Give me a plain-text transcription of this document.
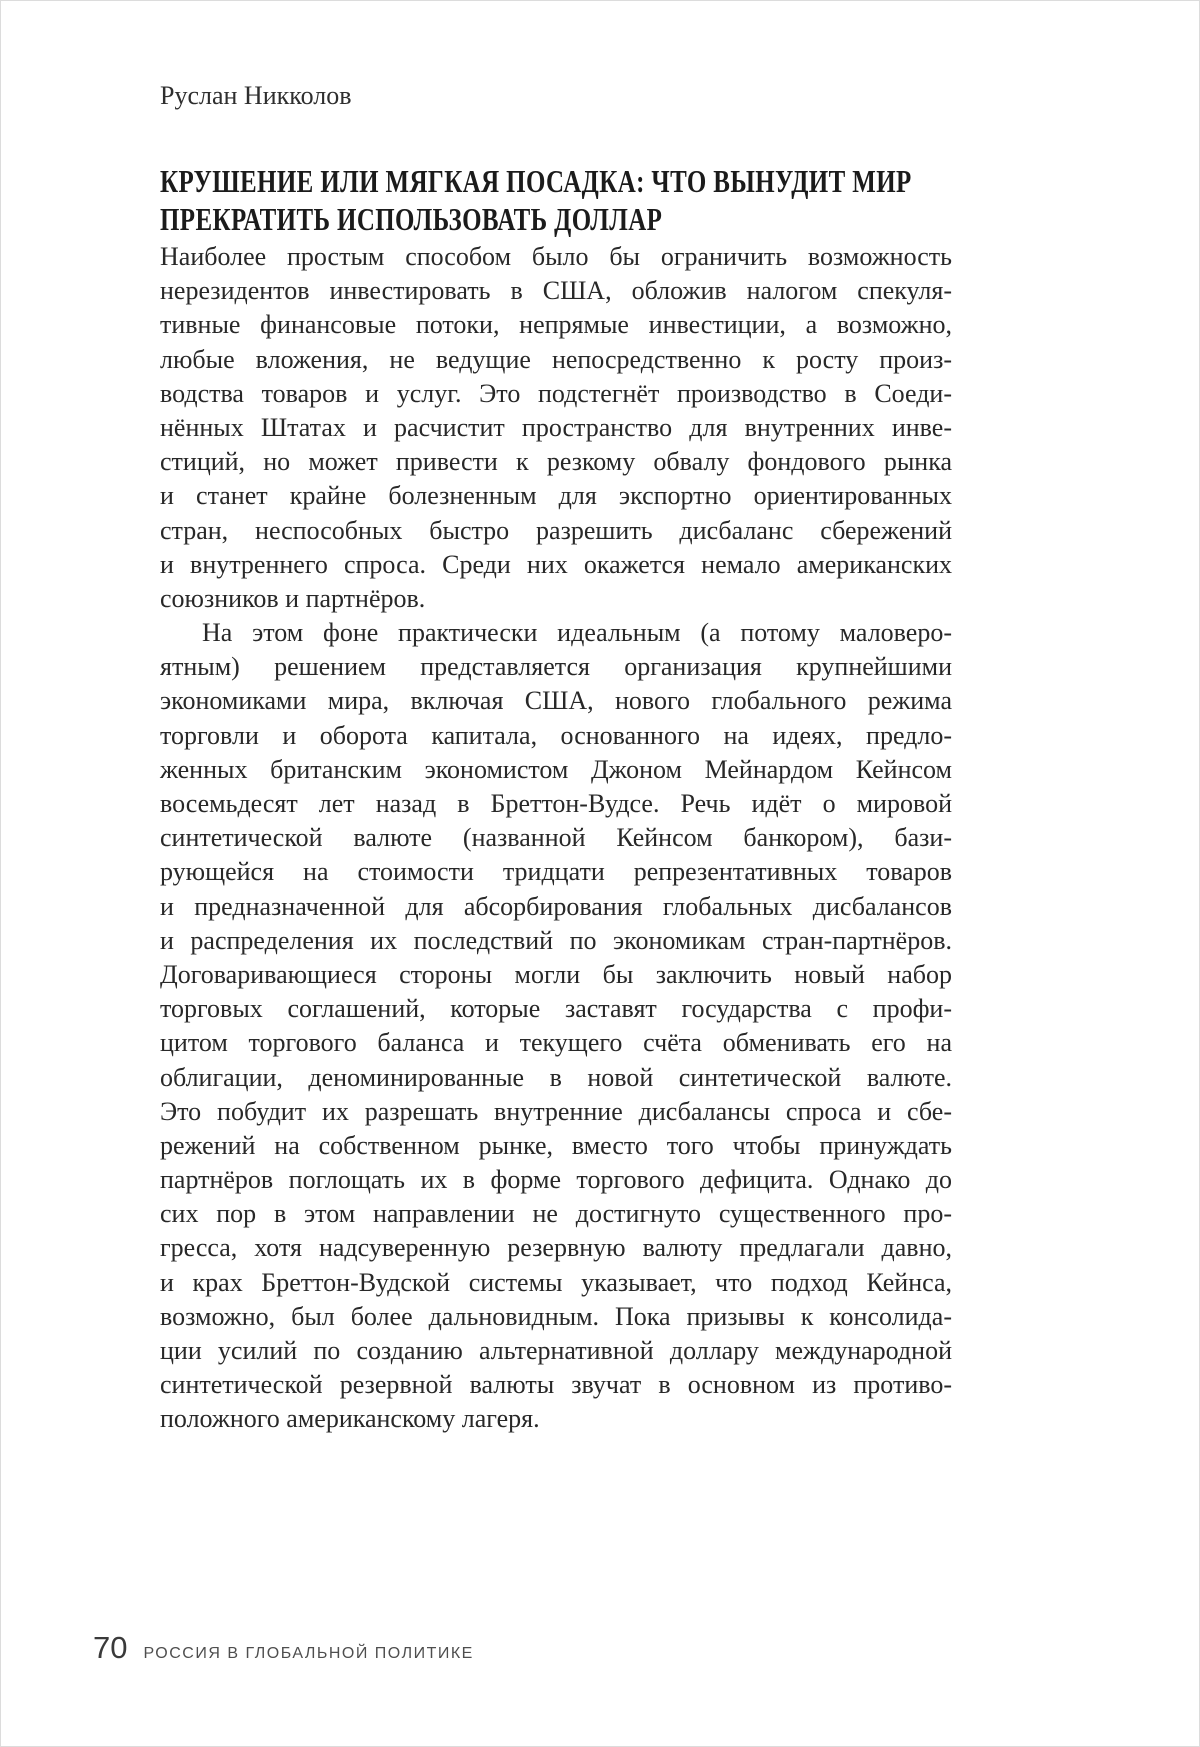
Руслан Никколов
КРУШЕНИЕ ИЛИ МЯГКАЯ ПОСАДКА: ЧТО ВЫНУДИТ МИР
ПРЕКРАТИТЬ ИСПОЛЬЗОВАТЬ ДОЛЛАР
Наиболее простым способом было бы ограничить возможность
нерезидентов инвестировать в США, обложив налогом спекуля-
тивные финансовые потоки, непрямые инвестиции, а возможно,
любые вложения, не ведущие непосредственно к росту произ-
водства товаров и услуг. Это подстегнёт производство в Соеди-
нённых Штатах и расчистит пространство для внутренних инве-
стиций, но может привести к резкому обвалу фондового рынка
и станет крайне болезненным для экспортно ориентированных
стран, неспособных быстро разрешить дисбаланс сбережений
и внутреннего спроса. Среди них окажется немало американских
союзников и партнёров.
На этом фоне практически идеальным (а потому маловеро-
ятным) решением представляется организация крупнейшими
экономиками мира, включая США, нового глобального режима
торговли и оборота капитала, основанного на идеях, предло-
женных британским экономистом Джоном Мейнардом Кейнсом
восемьдесят лет назад в Бреттон-Вудсе. Речь идёт о мировой
синтетической валюте (названной Кейнсом банкором), бази-
рующейся на стоимости тридцати репрезентативных товаров
и предназначенной для абсорбирования глобальных дисбалансов
и распределения их последствий по экономикам стран-партнёров.
Договаривающиеся стороны могли бы заключить новый набор
торговых соглашений, которые заставят государства с профи-
цитом торгового баланса и текущего счёта обменивать его на
облигации, деноминированные в новой синтетической валюте.
Это побудит их разрешать внутренние дисбалансы спроса и сбе-
режений на собственном рынке, вместо того чтобы принуждать
партнёров поглощать их в форме торгового дефицита. Однако до
сих пор в этом направлении не достигнуто существенного про-
гресса, хотя надсуверенную резервную валюту предлагали давно,
и крах Бреттон-Вудской системы указывает, что подход Кейнса,
возможно, был более дальновидным. Пока призывы к консолида-
ции усилий по созданию альтернативной доллару международной
синтетической резервной валюты звучат в основном из противо-
положного американскому лагеря.
70 РОССИЯ В ГЛОБАЛЬНОЙ ПОЛИТИКЕ
